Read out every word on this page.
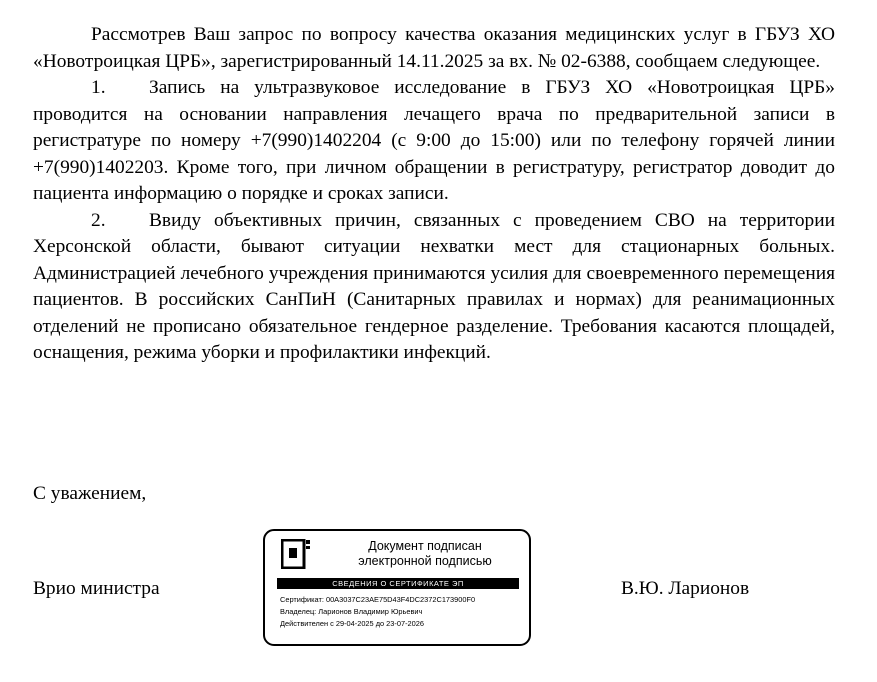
Рассмотрев Ваш запрос по вопросу качества оказания медицинских услуг в ГБУЗ ХО «Новотроицкая ЦРБ», зарегистрированный 14.11.2025 за вх. № 02-6388, сообщаем следующее.

1. Запись на ультразвуковое исследование в ГБУЗ ХО «Новотроицкая ЦРБ» проводится на основании направления лечащего врача по предварительной записи в регистратуре по номеру +7(990)1402204 (с 9:00 до 15:00) или по телефону горячей линии +7(990)1402203. Кроме того, при личном обращении в регистратуру, регистратор доводит до пациента информацию о порядке и сроках записи.

2. Ввиду объективных причин, связанных с проведением СВО на территории Херсонской области, бывают ситуации нехватки мест для стационарных больных. Администрацией лечебного учреждения принимаются усилия для своевременного перемещения пациентов. В российских СанПиН (Санитарных правилах и нормах) для реанимационных отделений не прописано обязательное гендерное разделение. Требования касаются площадей, оснащения, режима уборки и профилактики инфекций.

С уважением,
Врио министра	В.Ю. Ларионов
Документ подписан
электронной подписью
СВЕДЕНИЯ О СЕРТИФИКАТЕ ЭП
Сертификат: 00A3037C23AE75D43F4DC2372C173900F0
Владелец: Ларионов Владимир Юрьевич
Действителен с 29-04-2025 до 23-07-2026
